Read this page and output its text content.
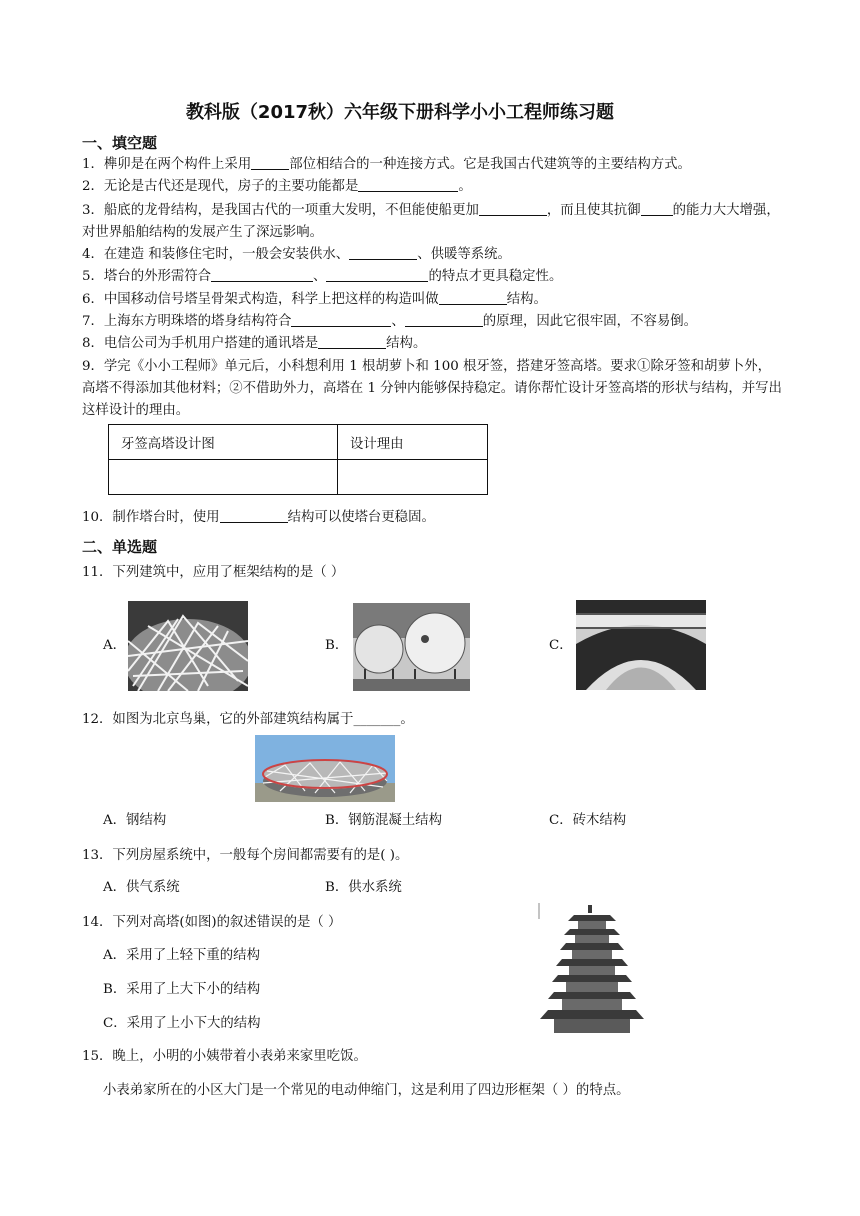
教科版（2017秋）六年级下册科学小小工程师练习题
一、填空题
1．榫卯是在两个构件上采用	部位相结合的一种连接方式。它是我国古代建筑等的主要结构方式。
2．无论是古代还是现代，房子的主要功能都是	。
3．船底的龙骨结构，是我国古代的一项重大发明，不但能使船更加	，而且使其抗御 的能力大大增强，对世界船舶结构的发展产生了深远影响。
4．在建造 和装修住宅时，一般会安装供水、	、供暖等系统。
5．塔台的外形需符合	、	的特点才更具稳定性。
6．中国移动信号塔呈骨架式构造，科学上把这样的构造叫做	结构。
7．上海东方明珠塔的塔身结构符合	、	的原理，因此它很牢固，不容易倒。
8．电信公司为手机用户搭建的通讯塔是	结构。
9．学完《小小工程师》单元后，小科想利用 1 根胡萝卜和 100 根牙签，搭建牙签高塔。要求①除牙签和胡萝卜外，高塔不得添加其他材料；②不借助外力，高塔在 1 分钟内能够保持稳定。请你帮忙设计牙签高塔的形状与结构，并写出这样设计的理由。
牙签高塔设计图	设计理由

10．制作塔台时，使用	结构可以使塔台更稳固。
二、单选题
11．下列建筑中，应用了框架结构的是（ ）
A．	B．	C．
12．如图为北京鸟巢，它的外部建筑结构属于_______。
A．钢结构	B．钢筋混凝土结构	C．砖木结构
13．下列房屋系统中，一般每个房间都需要有的是( )。
A．供气系统	B．供水系统
14．下列对高塔(如图)的叙述错误的是（ ）
A．采用了上轻下重的结构
B．采用了上大下小的结构
C．采用了上小下大的结构
15．晚上，小明的小姨带着小表弟来家里吃饭。
小表弟家所在的小区大门是一个常见的电动伸缩门，这是利用了四边形框架（ ）的特点。
